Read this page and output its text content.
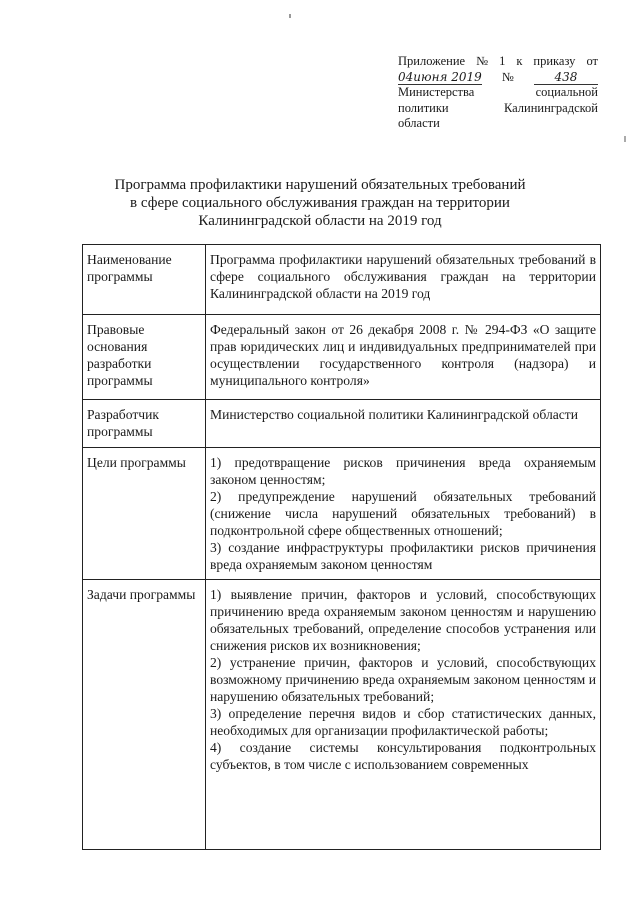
Приложение № 1 к приказу от
04июня 2019 №	438
Министерства	социальной
политики	Калининградской
области
Программа профилактики нарушений обязательных требований
в сфере социального обслуживания граждан на территории
Калининградской области на 2019 год
Наименование программы	Программа профилактики нарушений обязательных требований в сфере социального обслуживания граждан на территории Калининградской области на 2019 год

Правовые основания разработки программы	Федеральный закон от 26 декабря 2008 г. № 294-ФЗ «О защите прав юридических лиц и индивидуальных предпринимателей при осуществлении государственного контроля (надзора) и муниципального контроля»

Разработчик программы	Министерство социальной политики Калининградской области

Цели программы	1) предотвращение рисков причинения вреда охраняемым законом ценностям;
2) предупреждение нарушений обязательных требований (снижение числа нарушений обязательных требований) в подконтрольной сфере общественных отношений;
3) создание инфраструктуры профилактики рисков причинения вреда охраняемым законом ценностям

Задачи программы	1) выявление причин, факторов и условий, способствующих причинению вреда охраняемым законом ценностям и нарушению обязательных требований, определение способов устранения или снижения рисков их возникновения;
2) устранение причин, факторов и условий, способствующих возможному причинению вреда охраняемым законом ценностям и нарушению обязательных требований;
3) определение перечня видов и сбор статистических данных, необходимых для организации профилактической работы;
4) создание системы консультирования подконтрольных субъектов, в том числе с использованием современных
